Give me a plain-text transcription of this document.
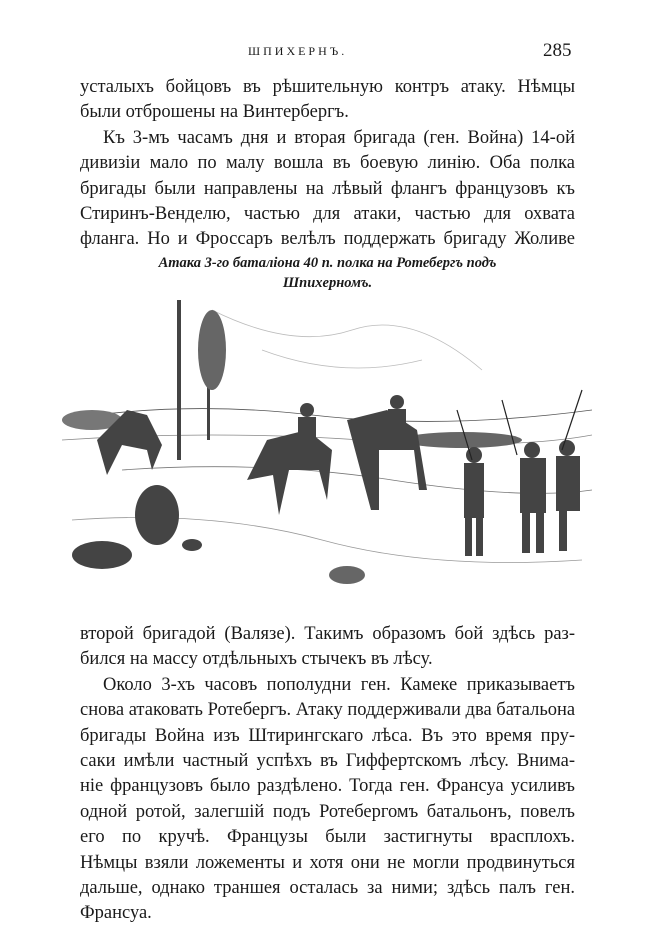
ШПИХЕРНЪ.	285
усталыхъ бойцовъ въ рѣшительную контръ атаку. Нѣмцы
были отброшены на Винтербергъ.
Къ 3-мъ часамъ дня и вторая бригада (ген. Война) 14-ой
дивизіи мало по малу вошла въ боевую линію. Оба полка
бригады были направлены на лѣвый флангъ французовъ къ
Стиринъ-Венделю, частью для атаки, частью для охвата
фланга. Но и Фроссаръ велѣлъ поддержать бригаду Жоливе
Атака 3-го баталіона 40 п. полка на Ротебергъ подъ
Шпихерномъ.
второй бригадой (Валязе). Такимъ образомъ бой здѣсь раз-
бился на массу отдѣльныхъ стычекъ въ лѣсу.
Около 3-хъ часовъ пополудни ген. Камеке приказываетъ
снова атаковать Ротебергъ. Атаку поддерживали два батальона
бригады Война изъ Штирингскаго лѣса. Въ это время пру-
саки имѣли частный успѣхъ въ Гиффертскомъ лѣсу. Внима-
ніе французовъ было раздѣлено. Тогда ген. Франсуа усиливъ
одной ротой, залегшій подъ Ротебергомъ батальонъ, повелъ
его по кручѣ. Французы были застигнуты врасплохъ.
Нѣмцы взяли ложементы и хотя они не могли продвинуться
дальше, однако траншея осталась за ними; здѣсь палъ ген.
Франсуа.
